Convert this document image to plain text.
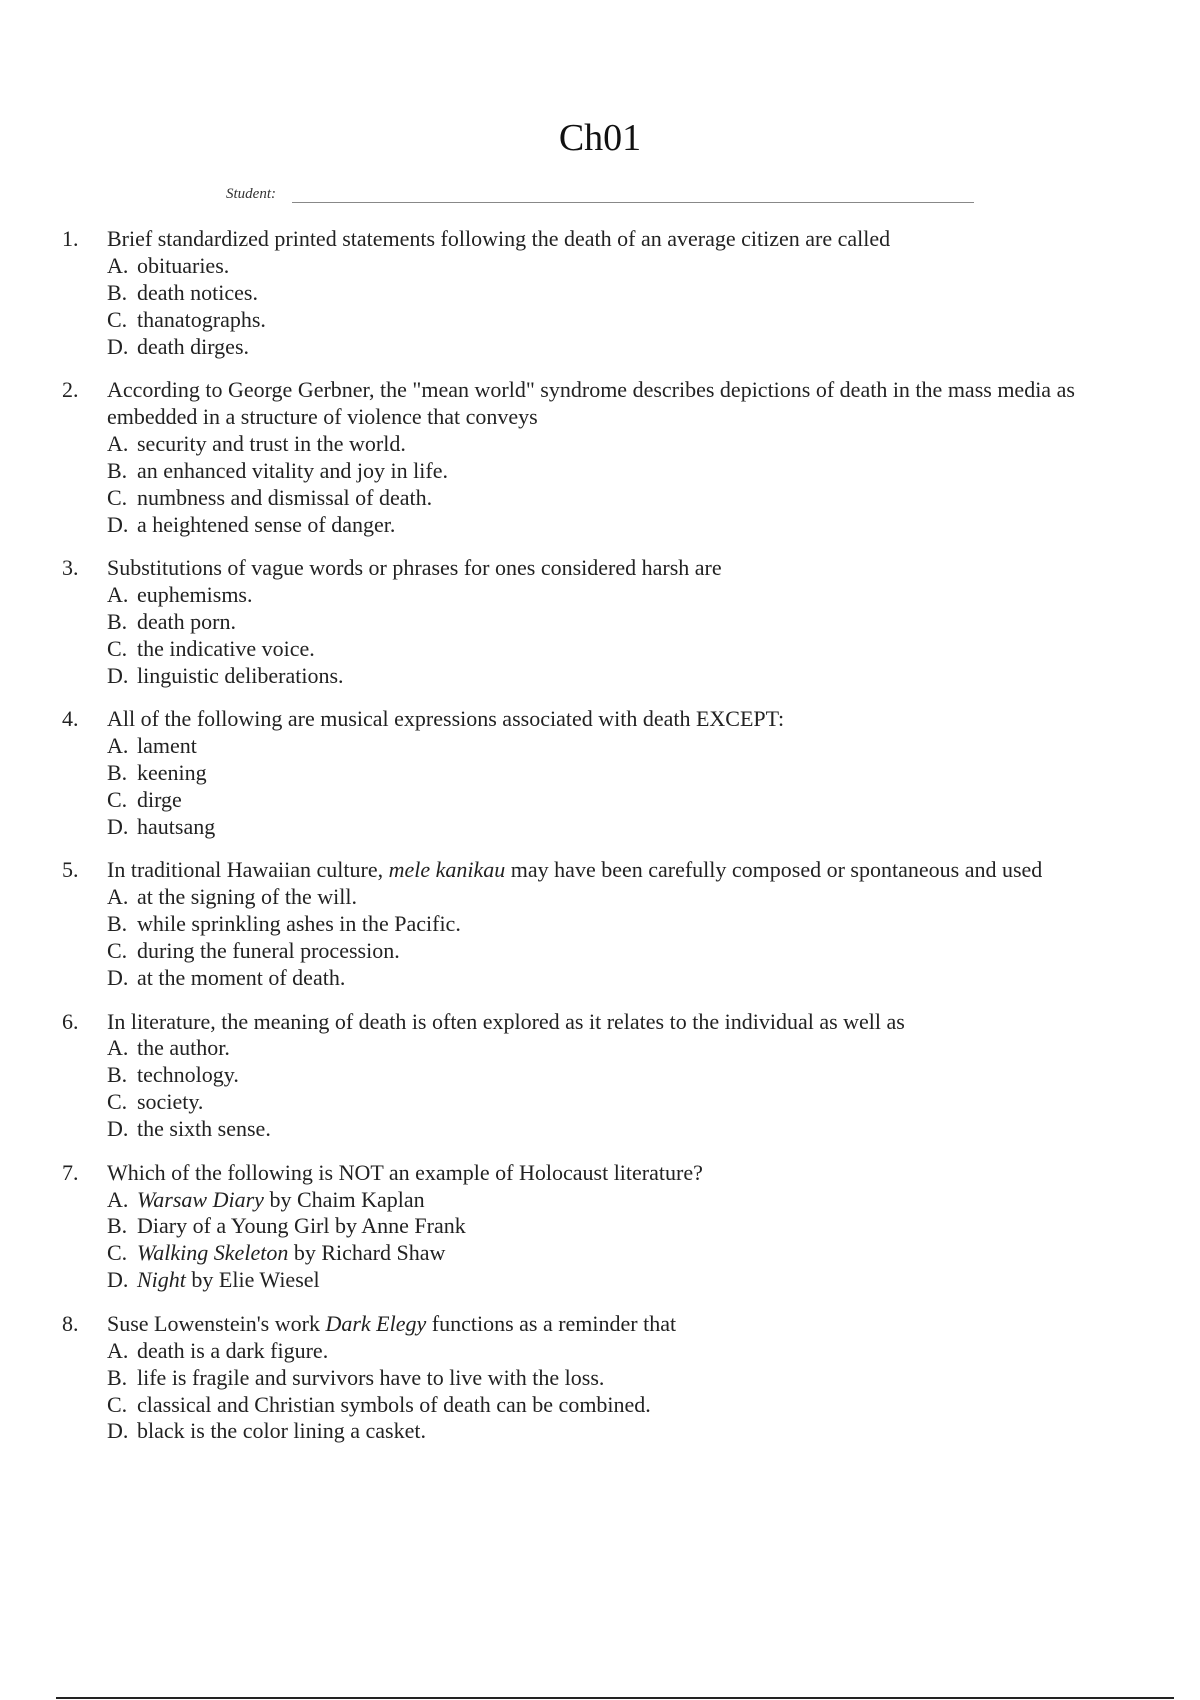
Ch01
Student:
1. Brief standardized printed statements following the death of an average citizen are called
A. obituaries.
B. death notices.
C. thanatographs.
D. death dirges.
2. According to George Gerbner, the "mean world" syndrome describes depictions of death in the mass media as embedded in a structure of violence that conveys
A. security and trust in the world.
B. an enhanced vitality and joy in life.
C. numbness and dismissal of death.
D. a heightened sense of danger.
3. Substitutions of vague words or phrases for ones considered harsh are
A. euphemisms.
B. death porn.
C. the indicative voice.
D. linguistic deliberations.
4. All of the following are musical expressions associated with death EXCEPT:
A. lament
B. keening
C. dirge
D. hautsang
5. In traditional Hawaiian culture, mele kanikau may have been carefully composed or spontaneous and used
A. at the signing of the will.
B. while sprinkling ashes in the Pacific.
C. during the funeral procession.
D. at the moment of death.
6. In literature, the meaning of death is often explored as it relates to the individual as well as
A. the author.
B. technology.
C. society.
D. the sixth sense.
7. Which of the following is NOT an example of Holocaust literature?
A. Warsaw Diary by Chaim Kaplan
B. Diary of a Young Girl by Anne Frank
C. Walking Skeleton by Richard Shaw
D. Night by Elie Wiesel
8. Suse Lowenstein's work Dark Elegy functions as a reminder that
A. death is a dark figure.
B. life is fragile and survivors have to live with the loss.
C. classical and Christian symbols of death can be combined.
D. black is the color lining a casket.
